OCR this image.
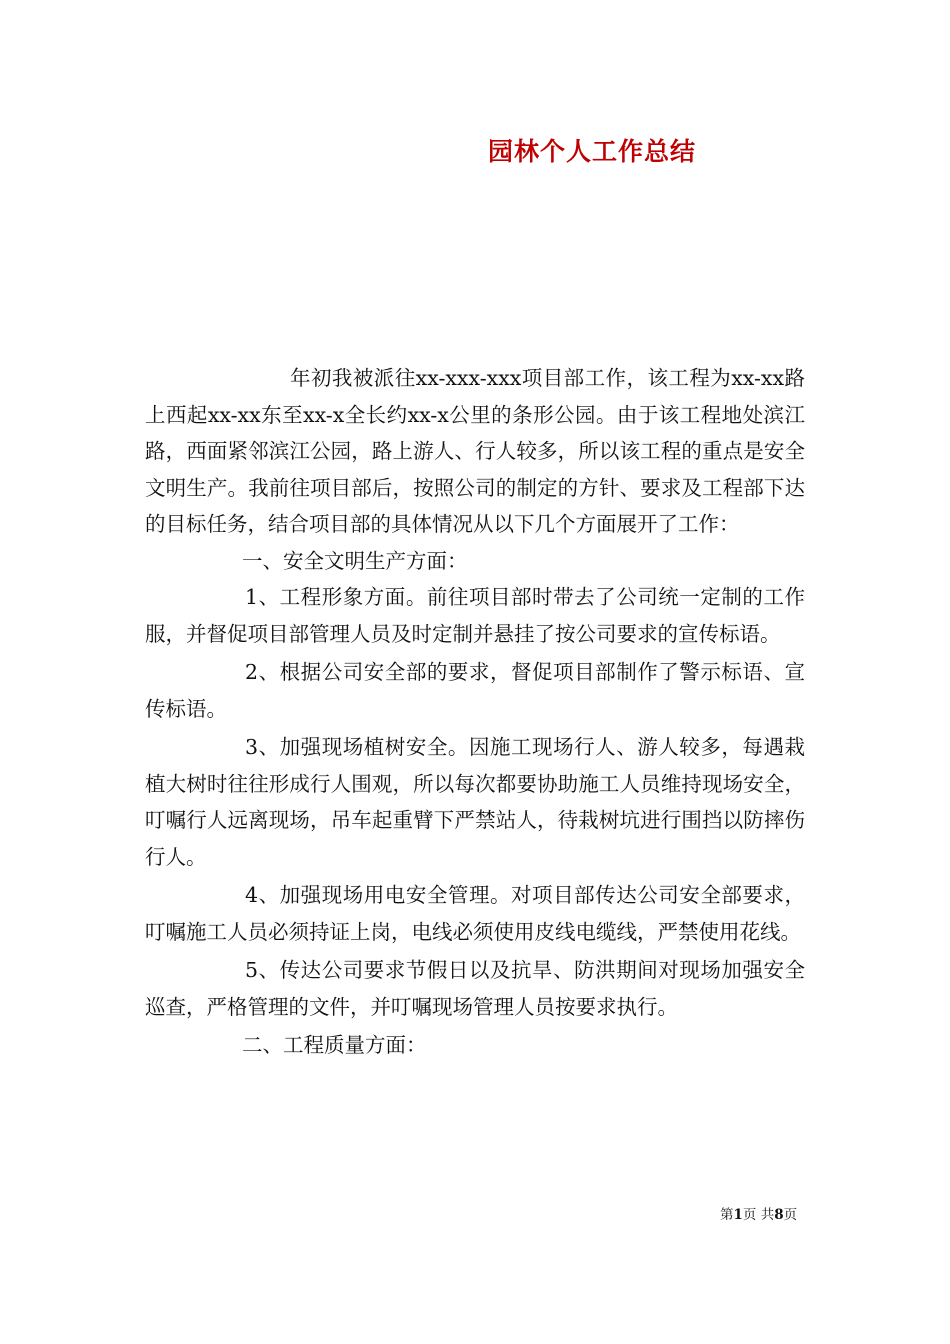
园林个人工作总结

年初我被派往xx-xxx-xxx项目部工作，该工程为xx-xx路上西起xx-xx东至xx-x全长约xx-x公里的条形公园。由于该工程地处滨江路，西面紧邻滨江公园，路上游人、行人较多，所以该工程的重点是安全文明生产。我前往项目部后，按照公司的制定的方针、要求及工程部下达的目标任务，结合项目部的具体情况从以下几个方面展开了工作：

一、安全文明生产方面：

1、工程形象方面。前往项目部时带去了公司统一定制的工作服，并督促项目部管理人员及时定制并悬挂了按公司要求的宣传标语。

2、根据公司安全部的要求，督促项目部制作了警示标语、宣传标语。

3、加强现场植树安全。因施工现场行人、游人较多，每遇栽植大树时往往形成行人围观，所以每次都要协助施工人员维持现场安全，叮嘱行人远离现场，吊车起重臂下严禁站人，待栽树坑进行围挡以防摔伤行人。

4、加强现场用电安全管理。对项目部传达公司安全部要求，叮嘱施工人员必须持证上岗，电线必须使用皮线电缆线，严禁使用花线。

5、传达公司要求节假日以及抗旱、防洪期间对现场加强安全巡查，严格管理的文件，并叮嘱现场管理人员按要求执行。

二、工程质量方面：

第1页 共8页
